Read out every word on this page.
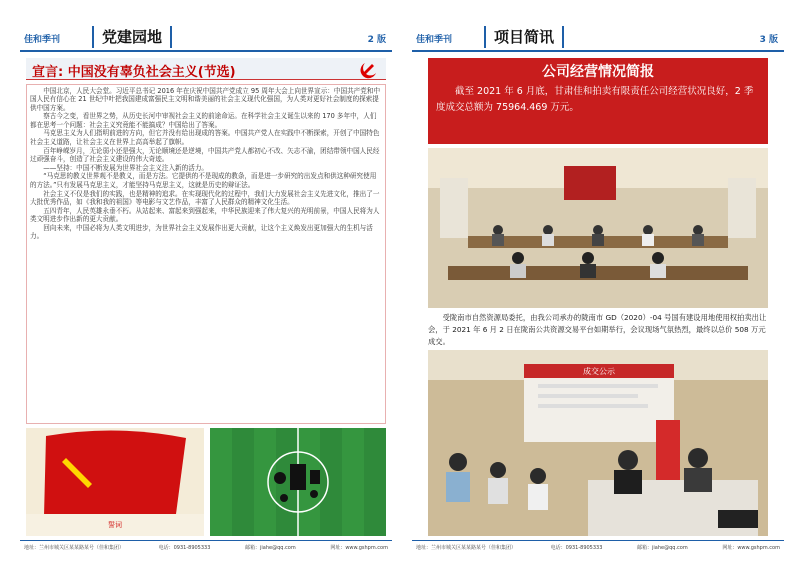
佳和季刊	党建园地	2 版
宣言: 中国没有辜负社会主义(节选)

中国北京，人民大会堂。习近平总书记 2016 年在庆祝中国共产党成立 95 周年大会上向世界宣示：中国共产党和中国人民有信心在 21 世纪中叶把我国建成富强民主文明和谐美丽的社会主义现代化强国，为人类对更好社会制度的探索提供中国方案。

察古今之变，看世界之势，从历史长河中审视社会主义的前途命运。在科学社会主义诞生以来的 170 多年中，人们都在思考一个问题：社会主义究竟能不能搞成？中国给出了答案。

马克思主义为人们指明前进的方向，但它并没有给出现成的答案。中国共产党人在实践中不断探索，开创了中国特色社会主义道路，让社会主义在世界上高高举起了旗帜。

百年峥嵘岁月，无论弱小还是强大，无论顺境还是逆境，中国共产党人都初心不改、矢志不渝，团结带领中国人民经过顽强奋斗，创造了社会主义建设的伟大奇迹。

——坚持：中国不断发展为世界社会主义注入新的活力。

“马克思的教义世界观不是教义，而是方法。它提供的不是现成的教条，而是进一步研究的出发点和供这种研究使用的方法。”只有发展马克思主义，才能坚持马克思主义，这就是历史的辩证法。

社会主义不仅是我们的实践，也是精神的追求。在实现现代化的过程中，我们大力发展社会主义先进文化，推出了一大批优秀作品，如《我和我的祖国》等电影与文艺作品，丰富了人民群众的精神文化生活。

五四青年，人民英雄永垂不朽。从站起来、富起来到强起来，中华民族迎来了伟大复兴的光明前景，中国人民将为人类文明进步作出新的更大贡献。

回向未来，中国必将为人类文明进步，为世界社会主义发展作出更大贡献，让这个主义焕发出更加强大的生机与活力。

誓词
地址：兰州市城关区某某路某号（佳和集团）	电话：0931-8905333	邮箱：jiahe@qq.com	网址：www.gshpm.com
佳和季刊	项目简讯	3 版
公司经营情况简报
截至 2021 年 6 月底，甘肃佳和拍卖有限责任公司经营状况良好，2 季度成交总额为 75964.469 万元。
受陇南市自然资源局委托，由我公司承办的陇南市 GD（2020）-04 号国有建设用地使用权拍卖出让会，于 2021 年 6 月 2 日在陇南公共资源交易平台如期举行，会议现场气氛热烈，最终以总价 508 万元成交。
成交公示
地址：兰州市城关区某某路某号（佳和集团）	电话：0931-8905333	邮箱：jiahe@qq.com	网址：www.gshpm.com
